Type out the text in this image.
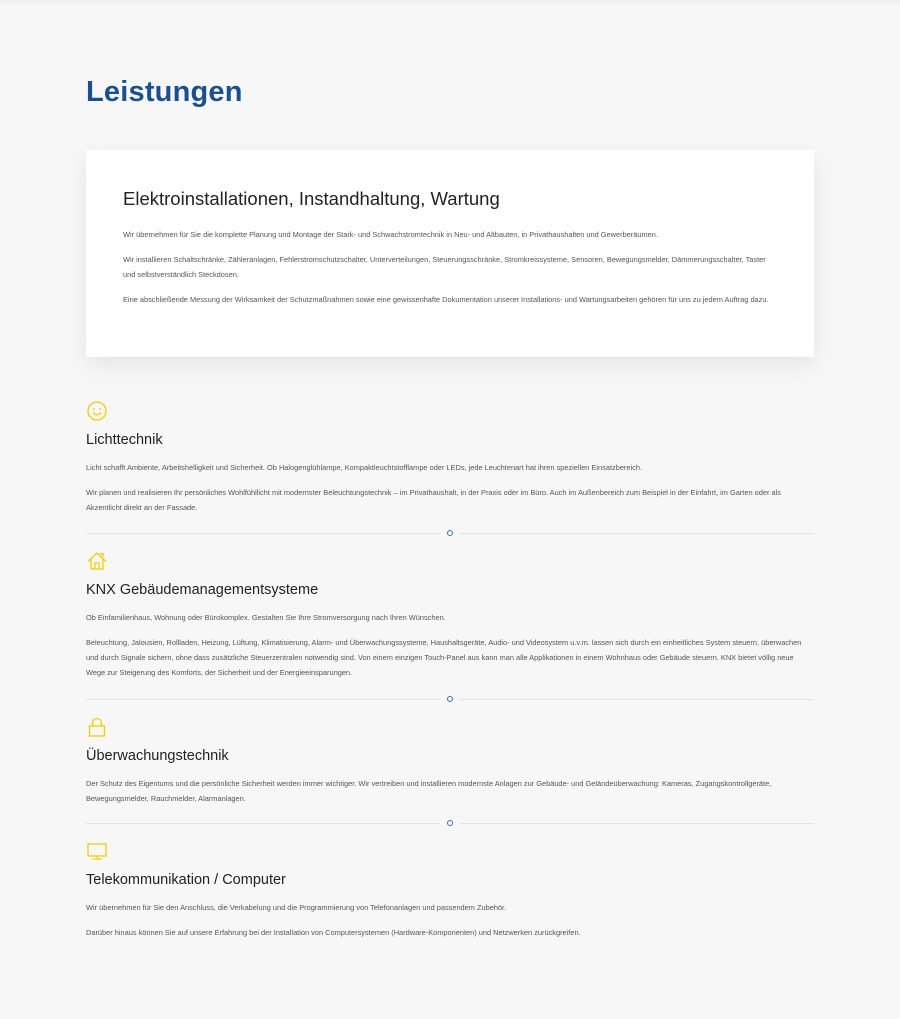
Leistungen
Elektroinstallationen, Instandhaltung, Wartung

Wir übernehmen für Sie die komplette Planung und Montage der Stark- und Schwachstromtechnik in Neu- und Altbauten, in Privathaushalten und Gewerberäumen.

Wir installieren Schaltschränke, Zähleranlagen, Fehlerstromschutzschalter, Unterverteilungen, Steuerungsschränke, Stromkreissysteme, Sensoren, Bewegungsmelder, Dämmerungsschalter, Taster und selbstverständlich Steckdosen.

Eine abschließende Messung der Wirksamkeit der Schutzmaßnahmen sowie eine gewissenhafte Dokumentation unserer Installations- und Wartungsarbeiten gehören für uns zu jedem Auftrag dazu.

Lichttechnik

Licht schafft Ambiente, Arbeitshelligkeit und Sicherheit. Ob Halogenglühlampe, Kompaktleuchtstofflampe oder LEDs, jede Leuchtenart hat ihren speziellen Einsatzbereich.

Wir planen und realisieren Ihr persönliches Wohlfühllicht mit modernster Beleuchtungstechnik – im Privathaushalt, in der Praxis oder im Büro. Auch im Außenbereich zum Beispiel in der Einfahrt, im Garten oder als Akzentlicht direkt an der Fassade.

KNX Gebäudemanagementsysteme

Ob Einfamilienhaus, Wohnung oder Bürokomplex. Gestalten Sie Ihre Stromversorgung nach Ihren Wünschen.

Beleuchtung, Jalousien, Rollladen, Heizung, Lüftung, Klimatisierung, Alarm- und Überwachungssysteme, Haushaltsgeräte, Audio- und Videosystem u.v.m. lassen sich durch ein einheitliches System steuern, überwachen und durch Signale sichern, ohne dass zusätzliche Steuerzentralen notwendig sind. Von einem einzigen Touch-Panel aus kann man alle Applikationen in einem Wohnhaus oder Gebäude steuern. KNX bietet völlig neue Wege zur Steigerung des Komforts, der Sicherheit und der Energieeinsparungen.

Überwachungstechnik

Der Schutz des Eigentums und die persönliche Sicherheit werden immer wichtiger. Wir vertreiben und installieren modernste Anlagen zur Gebäude- und Geländeüberwachung: Kameras, Zugangskontrollgeräte, Bewegungsmelder, Rauchmelder, Alarmanlagen.

Telekommunikation / Computer

Wir übernehmen für Sie den Anschluss, die Verkabelung und die Programmierung von Telefonanlagen und passendem Zubehör.

Darüber hinaus können Sie auf unsere Erfahrung bei der Installation von Computersystemen (Hardware-Komponenten) und Netzwerken zurückgreifen.
